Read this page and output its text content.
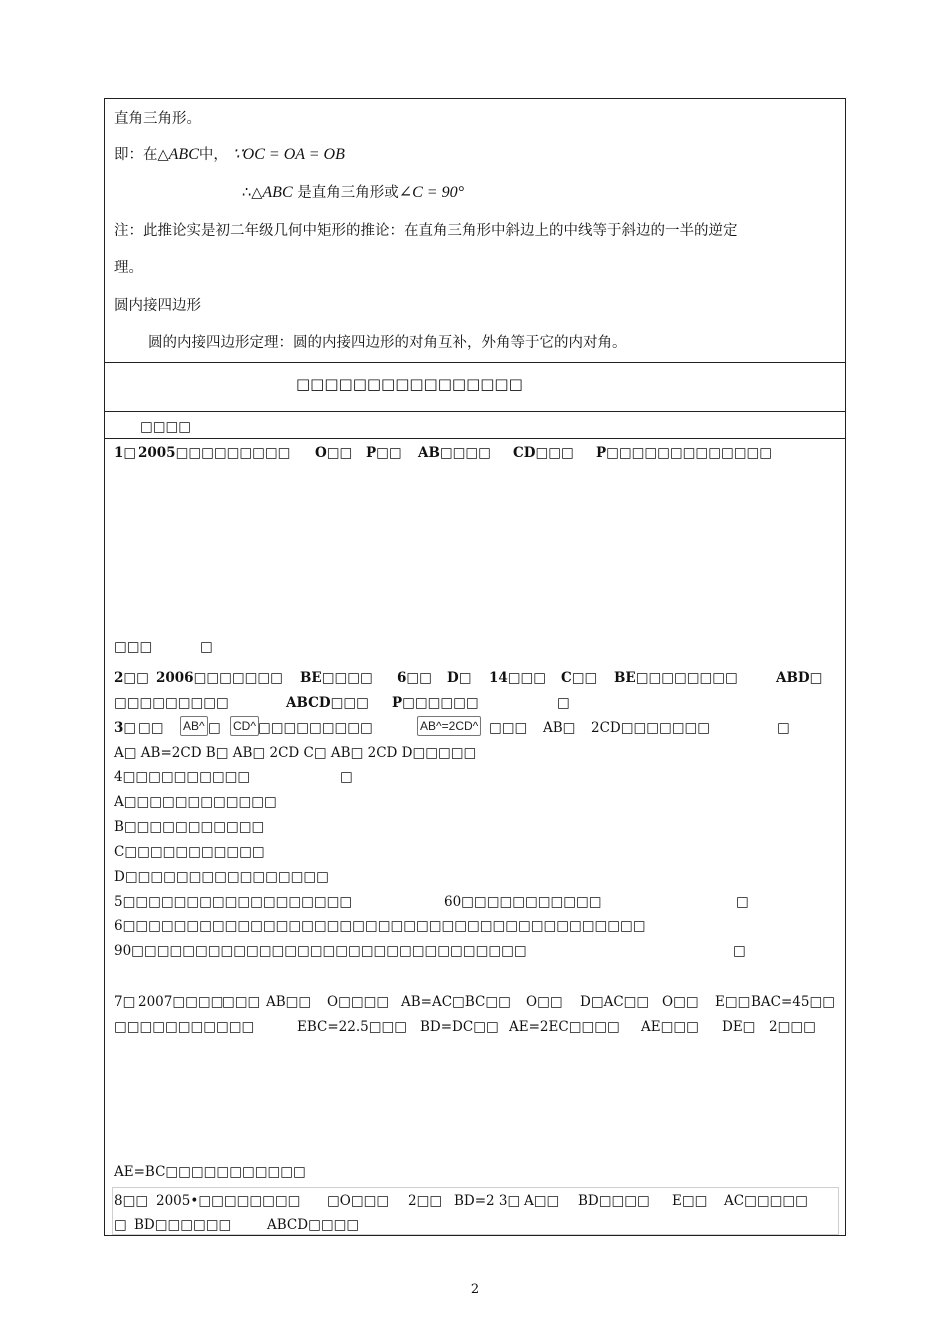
直角三角形。
即：在△ABC中， ∵OC = OA = OB
∴△ABC 是直角三角形或∠C = 90°
注：此推论实是初二年级几何中矩形的推论：在直角三角形中斜边上的中线等于斜边的一半的逆定
理。
圆内接四边形
圆的内接四边形定理：圆的内接四边形的对角互补，外角等于它的内对角。
□□□□□□□□□□□□□□□□
□□□□
1□ 2005□□□□□□□□□ O□□ P□□ AB□□□□ CD□□□ P□□□□□□□□□□□□□
□□□	□
2□□ 2006□□□□□□□ BE□□□□ 6□□ D□ 14□□□ C□□ BE□□□□□□□□	ABD□
□□□□□□□□□	ABCD□□□ P□□□□□□	□
3□ □□ AB^ □ CD^ □□□□□□□□□	AB^=2CD^ □□□ AB□ 2CD□□□□□□□	□
A□ AB=2CD B□ AB□ 2CD C□ AB□ 2CD D□□□□□
4□□□□□□□□□□	□
A□□□□□□□□□□□□
B□□□□□□□□□□□
C□□□□□□□□□□□
D□□□□□□□□□□□□□□□□
5□□□□□□□□□□□□□□□□□□	60□□□□□□□□□□□	□
6□□□□□□□□□□□□□□□□□□□□□□□□□□□□□□□□□□□□□□□□□
90□□□□□□□□□□□□□□□□□□□□□□□□□□□□□□□	□
7□ 2007□□□□
□□□ AB□□ O□□□□ AB=AC□BC□□ O□□ D□AC□□ O□□ E□□ BAC=45□□
□□□□□□□□□□□	EBC=22.5□□□ BD=DC□□ AE=2EC□□□□ AE□□□ DE□ 2□□□
AE=BC□□□□□□□□□□□
8□□ 2005•□□□□□□□□ □O□□□ 2□□ BD=2 3□ A□□ BD□□□□ E□□ AC□□□□□
□ BD□□□□□□	ABCD□□□□
2
